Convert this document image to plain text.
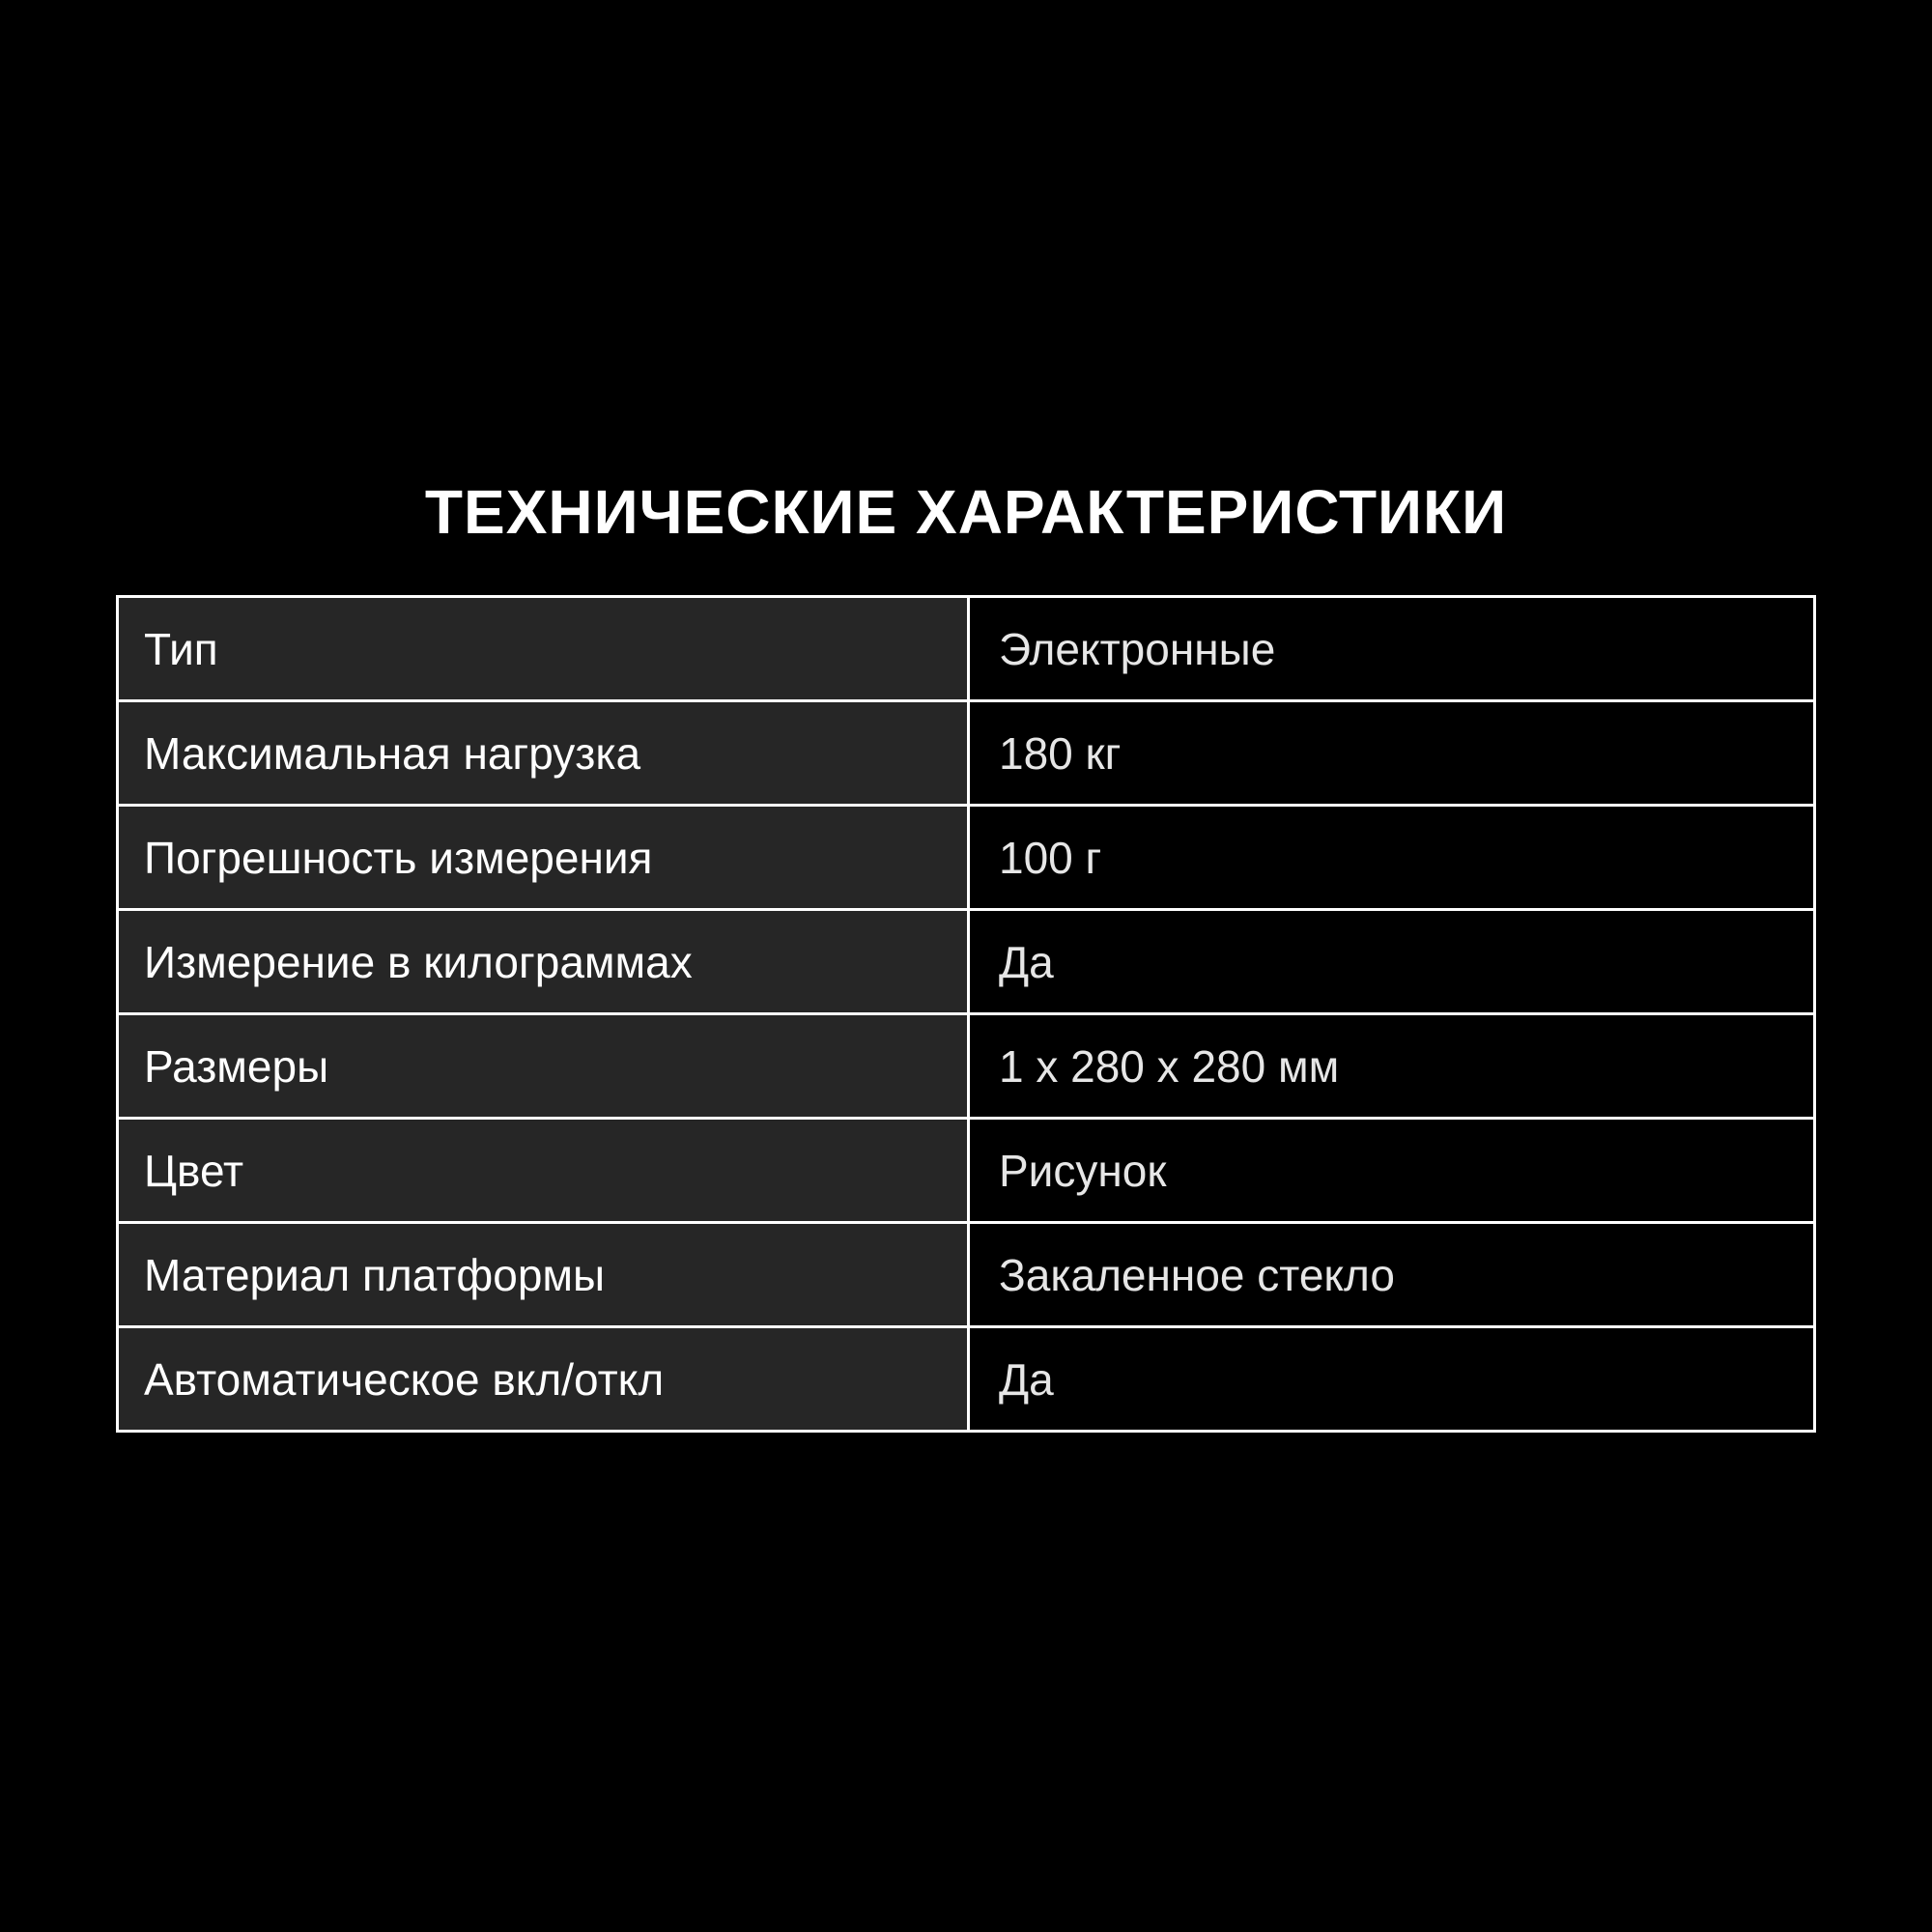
ТЕХНИЧЕСКИЕ ХАРАКТЕРИСТИКИ
Тип	Электронные
Максимальная нагрузка	180 кг
Погрешность измерения	100 г
Измерение в килограммах	Да
Размеры	1 х 280 х 280 мм
Цвет	Рисунок
Материал платформы	Закаленное стекло
Автоматическое вкл/откл	Да
